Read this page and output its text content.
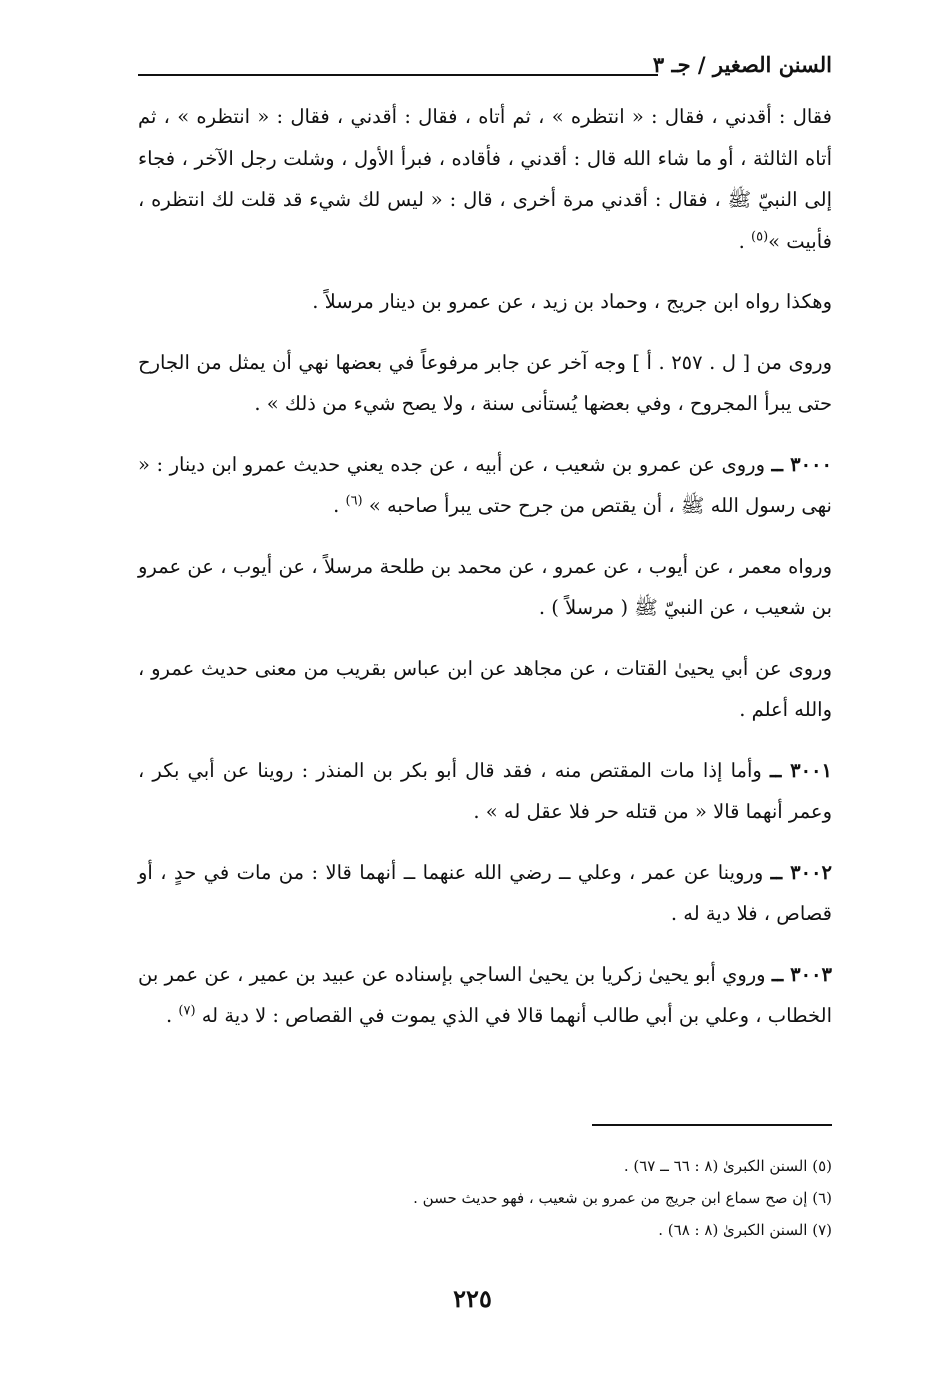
السنن الصغير / جـ ٣

فقال : أقدني ، فقال : « انتظره » ، ثم أتاه ، فقال : أقدني ، فقال : « انتظره » ، ثم أتاه الثالثة ، أو ما شاء الله قال : أقدني ، فأقاده ، فبرأ الأول ، وشلت رجل الآخر ، فجاء إلى النبيّ ﷺ ، فقال : أقدني مرة أخرى ، قال : « ليس لك شيء قد قلت لك انتظره ، فأبيت »$^{(٥)}$ .

وهكذا رواه ابن جريج ، وحماد بن زيد ، عن عمرو بن دينار مرسلاً .

وروى من [ ل . ٢٥٧ . أ ] وجه آخر عن جابر مرفوعاً في بعضها نهي أن يمثل من الجارح حتى يبرأ المجروح ، وفي بعضها يُستأنى سنة ، ولا يصح شيء من ذلك » .

٣٠٠٠ ــ وروى عن عمرو بن شعيب ، عن أبيه ، عن جده يعني حديث عمرو ابن دينار : « نهى رسول الله ﷺ ، أن يقتص من جرح حتى يبرأ صاحبه » $^{(٦)}$ .

ورواه معمر ، عن أيوب ، عن عمرو ، عن محمد بن طلحة مرسلاً ، عن أيوب ، عن عمرو بن شعيب ، عن النبيّ ﷺ ( مرسلاً ) .

وروى عن أبي يحيىٰ القتات ، عن مجاهد عن ابن عباس بقريب من معنى حديث عمرو ، والله أعلم .

٣٠٠١ ــ وأما إذا مات المقتص منه ، فقد قال أبو بكر بن المنذر : روينا عن أبي بكر ، وعمر أنهما قالا « من قتله حر فلا عقل له » .

٣٠٠٢ ــ وروينا عن عمر ، وعلي ــ رضي الله عنهما ــ أنهما قالا : من مات في حدٍ ، أو قصاص ، فلا دية له .

٣٠٠٣ ــ وروي أبو يحيىٰ زكريا بن يحيىٰ الساجي بإسناده عن عبيد بن عمير ، عن عمر بن الخطاب ، وعلي بن أبي طالب أنهما قالا في الذي يموت في القصاص : لا دية له $^{(٧)}$ .

(٥) السنن الكبرىٰ (٨ : ٦٦ ــ ٦٧) .
(٦) إن صح سماع ابن جريج من عمرو بن شعيب ، فهو حديث حسن .
(٧) السنن الكبرىٰ (٨ : ٦٨) .
٢٢٥
